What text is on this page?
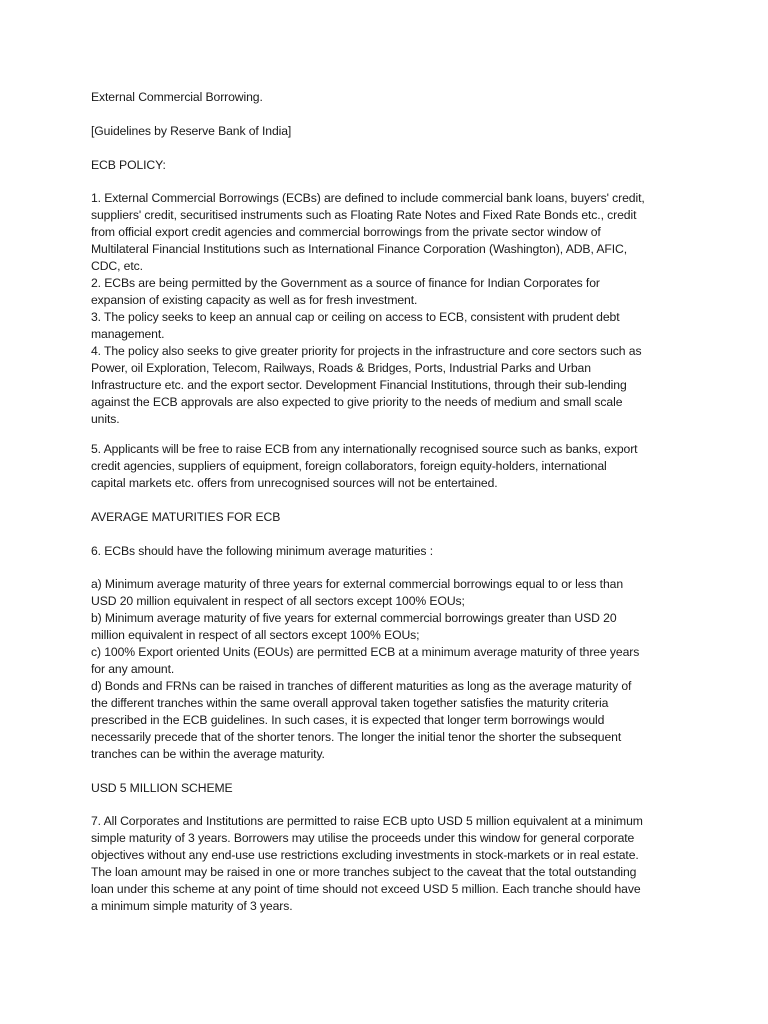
External Commercial Borrowing.

[Guidelines by Reserve Bank of India]

ECB POLICY:

1. External Commercial Borrowings (ECBs) are defined to include commercial bank loans, buyers' credit,
suppliers' credit, securitised instruments such as Floating Rate Notes and Fixed Rate Bonds etc., credit
from official export credit agencies and commercial borrowings from the private sector window of
Multilateral Financial Institutions such as International Finance Corporation (Washington), ADB, AFIC,
CDC, etc.
2. ECBs are being permitted by the Government as a source of finance for Indian Corporates for
expansion of existing capacity as well as for fresh investment.
3. The policy seeks to keep an annual cap or ceiling on access to ECB, consistent with prudent debt
management.
4. The policy also seeks to give greater priority for projects in the infrastructure and core sectors such as
Power, oil Exploration, Telecom, Railways, Roads & Bridges, Ports, Industrial Parks and Urban
Infrastructure etc. and the export sector. Development Financial Institutions, through their sub-lending
against the ECB approvals are also expected to give priority to the needs of medium and small scale
units.
5. Applicants will be free to raise ECB from any internationally recognised source such as banks, export
credit agencies, suppliers of equipment, foreign collaborators, foreign equity-holders, international
capital markets etc. offers from unrecognised sources will not be entertained.

AVERAGE MATURITIES FOR ECB

6. ECBs should have the following minimum average maturities :

a) Minimum average maturity of three years for external commercial borrowings equal to or less than
USD 20 million equivalent in respect of all sectors except 100% EOUs;
b) Minimum average maturity of five years for external commercial borrowings greater than USD 20
million equivalent in respect of all sectors except 100% EOUs;
c) 100% Export oriented Units (EOUs) are permitted ECB at a minimum average maturity of three years
for any amount.
d) Bonds and FRNs can be raised in tranches of different maturities as long as the average maturity of
the different tranches within the same overall approval taken together satisfies the maturity criteria
prescribed in the ECB guidelines. In such cases, it is expected that longer term borrowings would
necessarily precede that of the shorter tenors. The longer the initial tenor the shorter the subsequent
tranches can be within the average maturity.

USD 5 MILLION SCHEME

7. All Corporates and Institutions are permitted to raise ECB upto USD 5 million equivalent at a minimum
simple maturity of 3 years. Borrowers may utilise the proceeds under this window for general corporate
objectives without any end-use use restrictions excluding investments in stock-markets or in real estate.
The loan amount may be raised in one or more tranches subject to the caveat that the total outstanding
loan under this scheme at any point of time should not exceed USD 5 million. Each tranche should have
a minimum simple maturity of 3 years.
